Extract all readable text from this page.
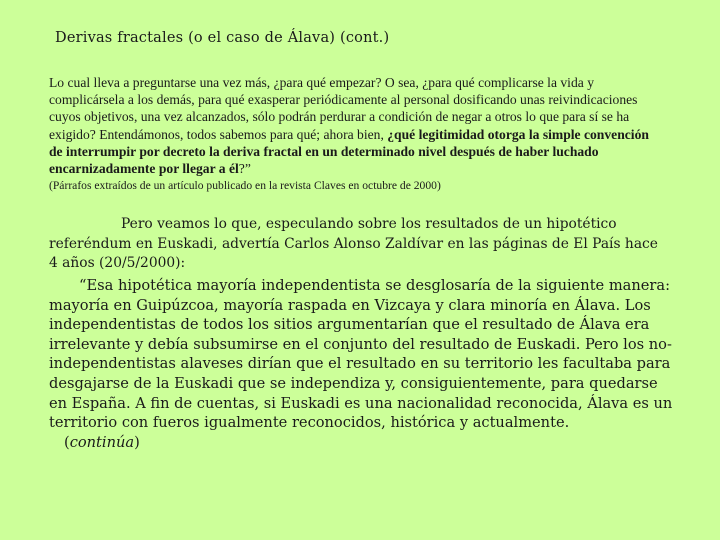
Derivas fractales (o el caso de Álava) (cont.)
Lo cual lleva a preguntarse una vez más, ¿para qué empezar? O sea, ¿para qué complicarse la vida y complicársela a los demás, para qué exasperar periódicamente al personal dosificando unas reivindicaciones cuyos objetivos, una vez alcanzados, sólo podrán perdurar a condición de negar a otros lo que para sí se ha exigido? Entendámonos, todos sabemos para qué; ahora bien, ¿qué legitimidad otorga la simple convención de interrumpir por decreto la deriva fractal en un determinado nivel después de haber luchado encarnizadamente por llegar a él?”
(Párrafos extraídos de un artículo publicado en la revista Claves en octubre de 2000)
Pero veamos lo que, especulando sobre los resultados de un hipotético referéndum en Euskadi, advertía Carlos Alonso Zaldívar en las páginas de El País hace 4 años (20/5/2000):
“Esa hipotética mayoría independentista se desglosaría de la siguiente manera: mayoría en Guipúzcoa, mayoría raspada en Vizcaya y clara minoría en Álava. Los independentistas de todos los sitios argumentarían que el resultado de Álava era irrelevante y debía subsumirse en el conjunto del resultado de Euskadi. Pero los no-independentistas alaveses dirían que el resultado en su territorio les facultaba para desgajarse de la Euskadi que se independiza y, consiguientemente, para quedarse en España. A fin de cuentas, si Euskadi es una nacionalidad reconocida, Álava es un territorio con fueros igualmente reconocidos, histórica y actualmente.
(continúa)
